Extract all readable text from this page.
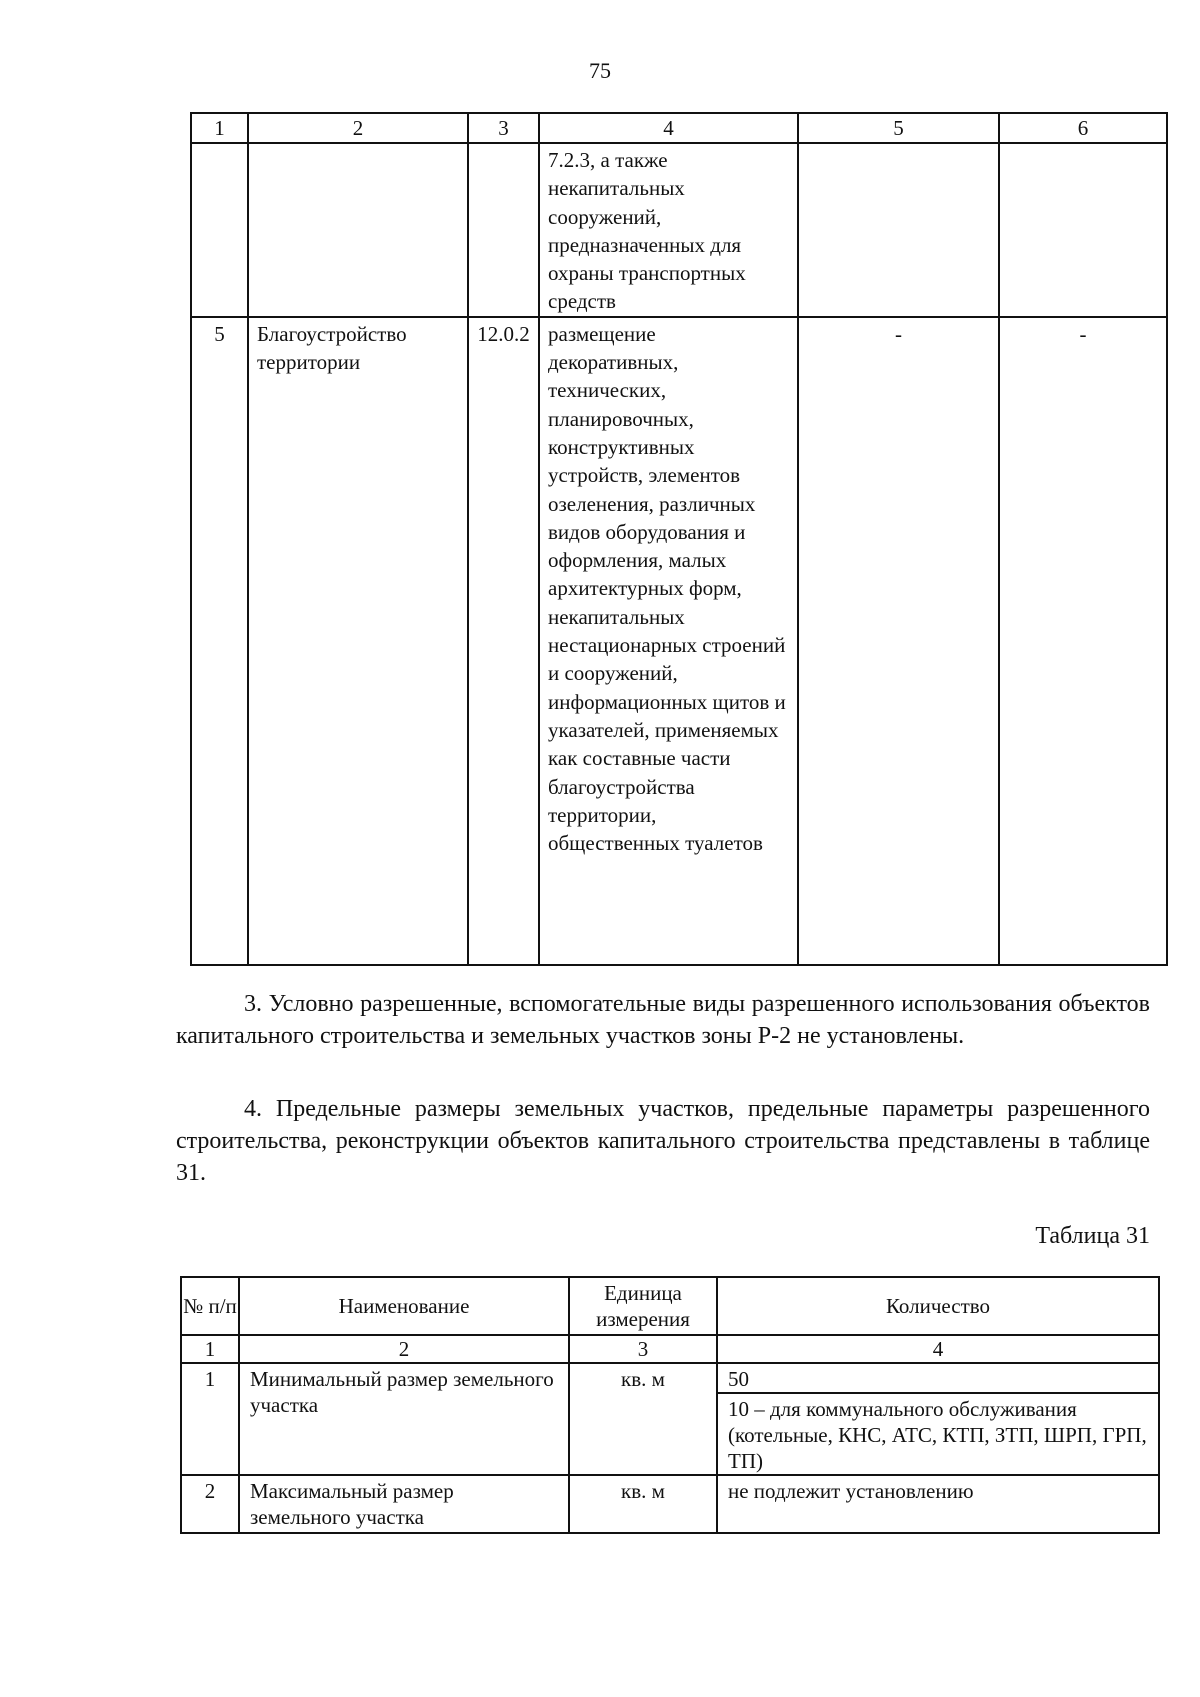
75
1	2	3	4	5	6
			7.2.3, а также некапитальных сооружений, предназначенных для охраны транспортных средств		
5	Благоустройство территории	12.0.2	размещение декоративных, технических, планировочных, конструктивных устройств, элементов озеленения, различных видов оборудования и оформления, малых архитектурных форм, некапитальных нестационарных строений и сооружений, информационных щитов и указателей, применяемых как составные части благоустройства территории, общественных туалетов	-	-

3. Условно разрешенные, вспомогательные виды разрешенного использования объектов капитального строительства и земельных участков зоны Р-2 не установлены.

4. Предельные размеры земельных участков, предельные параметры разрешенного строительства, реконструкции объектов капитального строительства представлены в таблице 31.

Таблица 31
№ п/п	Наименование	Единица измерения	Количество
1	2	3	4
1	Минимальный размер земельного участка	кв. м	50
			10 – для коммунального обслуживания (котельные, КНС, АТС, КТП, ЗТП, ШРП, ГРП, ТП)
2	Максимальный размер земельного участка	кв. м	не подлежит установлению
